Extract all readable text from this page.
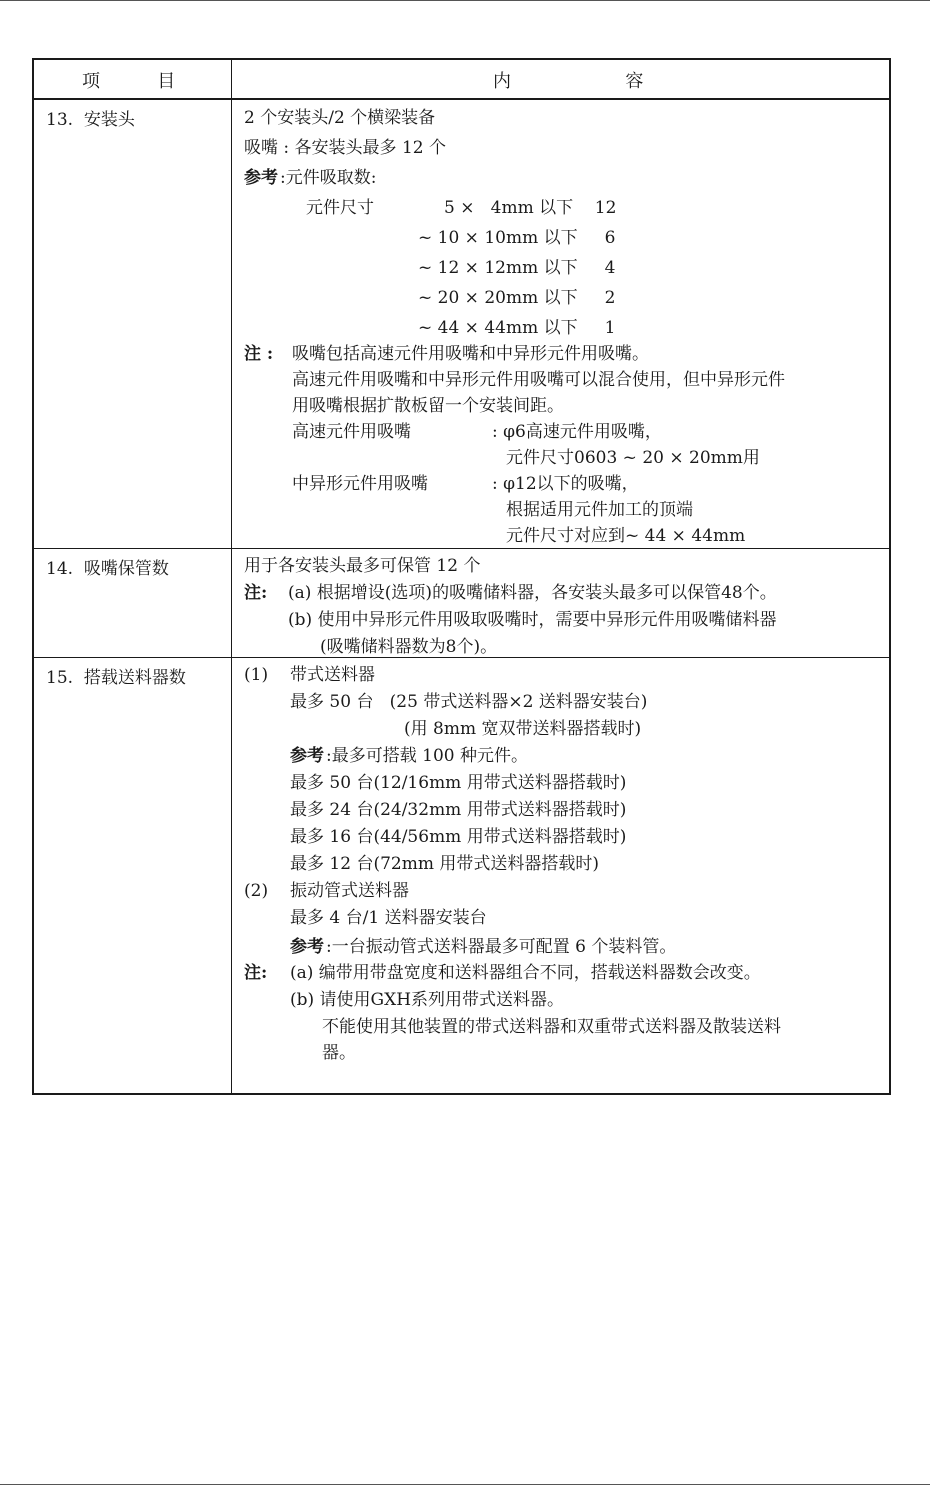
项          目	内                    容
13.  安装头	2 个安装头/2 个横梁装备
吸嘴 : 各安装头最多 12 个
参考 :元件吸取数:
元件尺寸	5 ×   4mm 以下    12
~ 10 × 10mm 以下     6
~ 12 × 12mm 以下     4
~ 20 × 20mm 以下     2
~ 44 × 44mm 以下     1
注 : 吸嘴包括高速元件用吸嘴和中异形元件用吸嘴。
高速元件用吸嘴和中异形元件用吸嘴可以混合使用，但中异形元件
用吸嘴根据扩散板留一个安装间距。
高速元件用吸嘴	: φ6高速元件用吸嘴，
元件尺寸0603 ~ 20 × 20mm用
中异形元件用吸嘴	: φ12以下的吸嘴，
根据适用元件加工的顶端
元件尺寸对应到~ 44 × 44mm
14.  吸嘴保管数	用于各安装头最多可保管 12 个
注: (a) 根据增设(选项)的吸嘴储料器，各安装头最多可以保管48个。
(b) 使用中异形元件用吸取吸嘴时，需要中异形元件用吸嘴储料器
(吸嘴储料器数为8个)。
15.  搭载送料器数	(1) 带式送料器
最多 50 台   (25 带式送料器×2 送料器安装台)
(用 8mm 宽双带送料器搭载时)
参考 :最多可搭载 100 种元件。
最多 50 台(12/16mm 用带式送料器搭载时)
最多 24 台(24/32mm 用带式送料器搭载时)
最多 16 台(44/56mm 用带式送料器搭载时)
最多 12 台(72mm 用带式送料器搭载时)
(2) 振动管式送料器
最多 4 台/1 送料器安装台
参考 :一台振动管式送料器最多可配置 6 个装料管。
注: (a) 编带用带盘宽度和送料器组合不同，搭载送料器数会改变。
(b) 请使用GXH系列用带式送料器。
不能使用其他装置的带式送料器和双重带式送料器及散装送料
器。
